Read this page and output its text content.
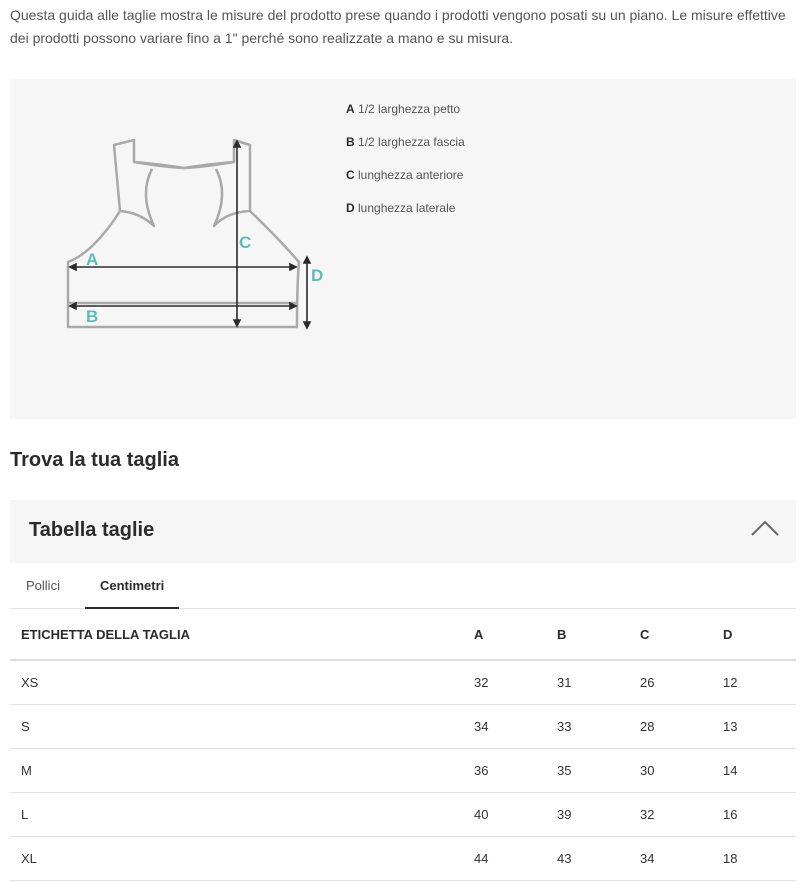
Questa guida alle taglie mostra le misure del prodotto prese quando i prodotti vengono posati su un piano. Le misure effettive dei prodotti possono variare fino a 1" perché sono realizzate a mano e su misura.
A
B
C
D
A 1/2 larghezza petto
B 1/2 larghezza fascia
C lunghezza anteriore
D lunghezza laterale
Trova la tua taglia
Tabella taglie
Pollici	Centimetri
ETICHETTA DELLA TAGLIA	A	B	C	D
XS	32	31	26	12
S	34	33	28	13
M	36	35	30	14
L	40	39	32	16
XL	44	43	34	18
